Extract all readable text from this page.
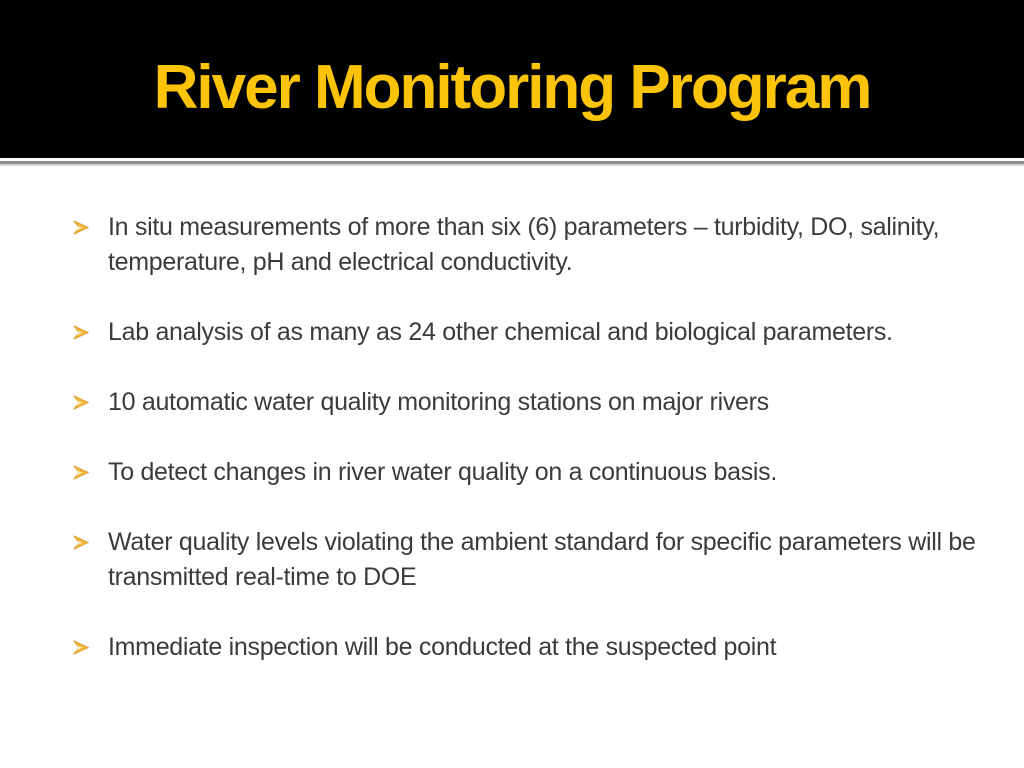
River Monitoring Program
In situ measurements of more than six (6) parameters – turbidity, DO, salinity, temperature, pH and electrical conductivity.
Lab analysis of as many as 24 other chemical and biological parameters.
10 automatic water quality monitoring stations on major rivers
To detect changes in river water quality on a continuous basis.
Water quality levels violating the ambient standard for specific parameters will be transmitted real-time to DOE
Immediate inspection will be conducted at the suspected point
